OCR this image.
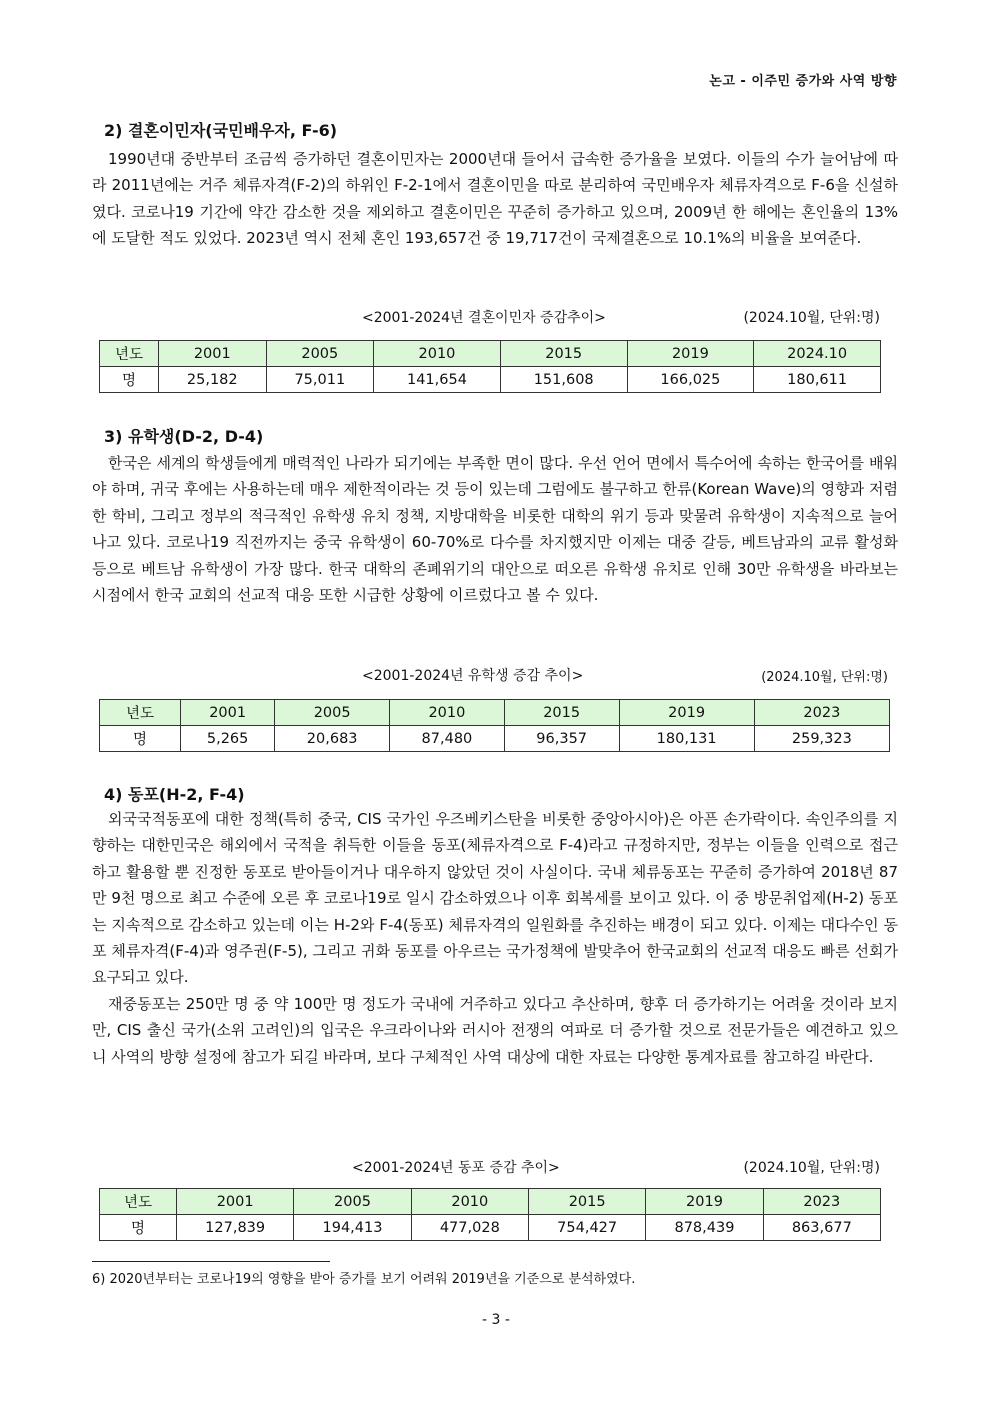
논고 - 이주민 증가와 사역 방향
2) 결혼이민자(국민배우자, F-6)

1990년대 중반부터 조금씩 증가하던 결혼이민자는 2000년대 들어서 급속한 증가율을 보였다. 이들의 수가 늘어남에 따라 2011년에는 거주 체류자격(F-2)의 하위인 F-2-1에서 결혼이민을 따로 분리하여 국민배우자 체류자격으로 F-6을 신설하였다. 코로나19 기간에 약간 감소한 것을 제외하고 결혼이민은 꾸준히 증가하고 있으며, 2009년 한 해에는 혼인율의 13%에 도달한 적도 있었다. 2023년 역시 전체 혼인 193,657건 중 19,717건이 국제결혼으로 10.1%의 비율을 보여준다.

<2001-2024년 결혼이민자 증감추이>	(2024.10월, 단위:명)
년도	2001	2005	2010	2015	2019	2024.10
명	25,182	75,011	141,654	151,608	166,025	180,611
3) 유학생(D-2, D-4)

한국은 세계의 학생들에게 매력적인 나라가 되기에는 부족한 면이 많다. 우선 언어 면에서 특수어에 속하는 한국어를 배워야 하며, 귀국 후에는 사용하는데 매우 제한적이라는 것 등이 있는데 그럼에도 불구하고 한류(Korean Wave)의 영향과 저렴한 학비, 그리고 정부의 적극적인 유학생 유치 정책, 지방대학을 비롯한 대학의 위기 등과 맞물려 유학생이 지속적으로 늘어나고 있다. 코로나19 직전까지는 중국 유학생이 60-70%로 다수를 차지했지만 이제는 대중 갈등, 베트남과의 교류 활성화 등으로 베트남 유학생이 가장 많다. 한국 대학의 존폐위기의 대안으로 떠오른 유학생 유치로 인해 30만 유학생을 바라보는 시점에서 한국 교회의 선교적 대응 또한 시급한 상황에 이르렀다고 볼 수 있다.

<2001-2024년 유학생 증감 추이>	(2024.10월, 단위:명)
년도	2001	2005	2010	2015	2019	2023
명	5,265	20,683	87,480	96,357	180,131	259,323
4) 동포(H-2, F-4)

외국국적동포에 대한 정책(특히 중국, CIS 국가인 우즈베키스탄을 비롯한 중앙아시아)은 아픈 손가락이다. 속인주의를 지향하는 대한민국은 해외에서 국적을 취득한 이들을 동포(체류자격으로 F-4)라고 규정하지만, 정부는 이들을 인력으로 접근하고 활용할 뿐 진정한 동포로 받아들이거나 대우하지 않았던 것이 사실이다. 국내 체류동포는 꾸준히 증가하여 2018년 87만 9천 명으로 최고 수준에 오른 후 코로나19로 일시 감소하였으나 이후 회복세를 보이고 있다. 이 중 방문취업제(H-2) 동포는 지속적으로 감소하고 있는데 이는 H-2와 F-4(동포) 체류자격의 일원화를 추진하는 배경이 되고 있다. 이제는 대다수인 동포 체류자격(F-4)과 영주권(F-5), 그리고 귀화 동포를 아우르는 국가정책에 발맞추어 한국교회의 선교적 대응도 빠른 선회가 요구되고 있다.

재중동포는 250만 명 중 약 100만 명 정도가 국내에 거주하고 있다고 추산하며, 향후 더 증가하기는 어려울 것이라 보지만, CIS 출신 국가(소위 고려인)의 입국은 우크라이나와 러시아 전쟁의 여파로 더 증가할 것으로 전문가들은 예견하고 있으니 사역의 방향 설정에 참고가 되길 바라며, 보다 구체적인 사역 대상에 대한 자료는 다양한 통계자료를 참고하길 바란다.

<2001-2024년 동포 증감 추이>	(2024.10월, 단위:명)
년도	2001	2005	2010	2015	2019	2023
명	127,839	194,413	477,028	754,427	878,439	863,677
6) 2020년부터는 코로나19의 영향을 받아 증가를 보기 어려워 2019년을 기준으로 분석하였다.
- 3 -
